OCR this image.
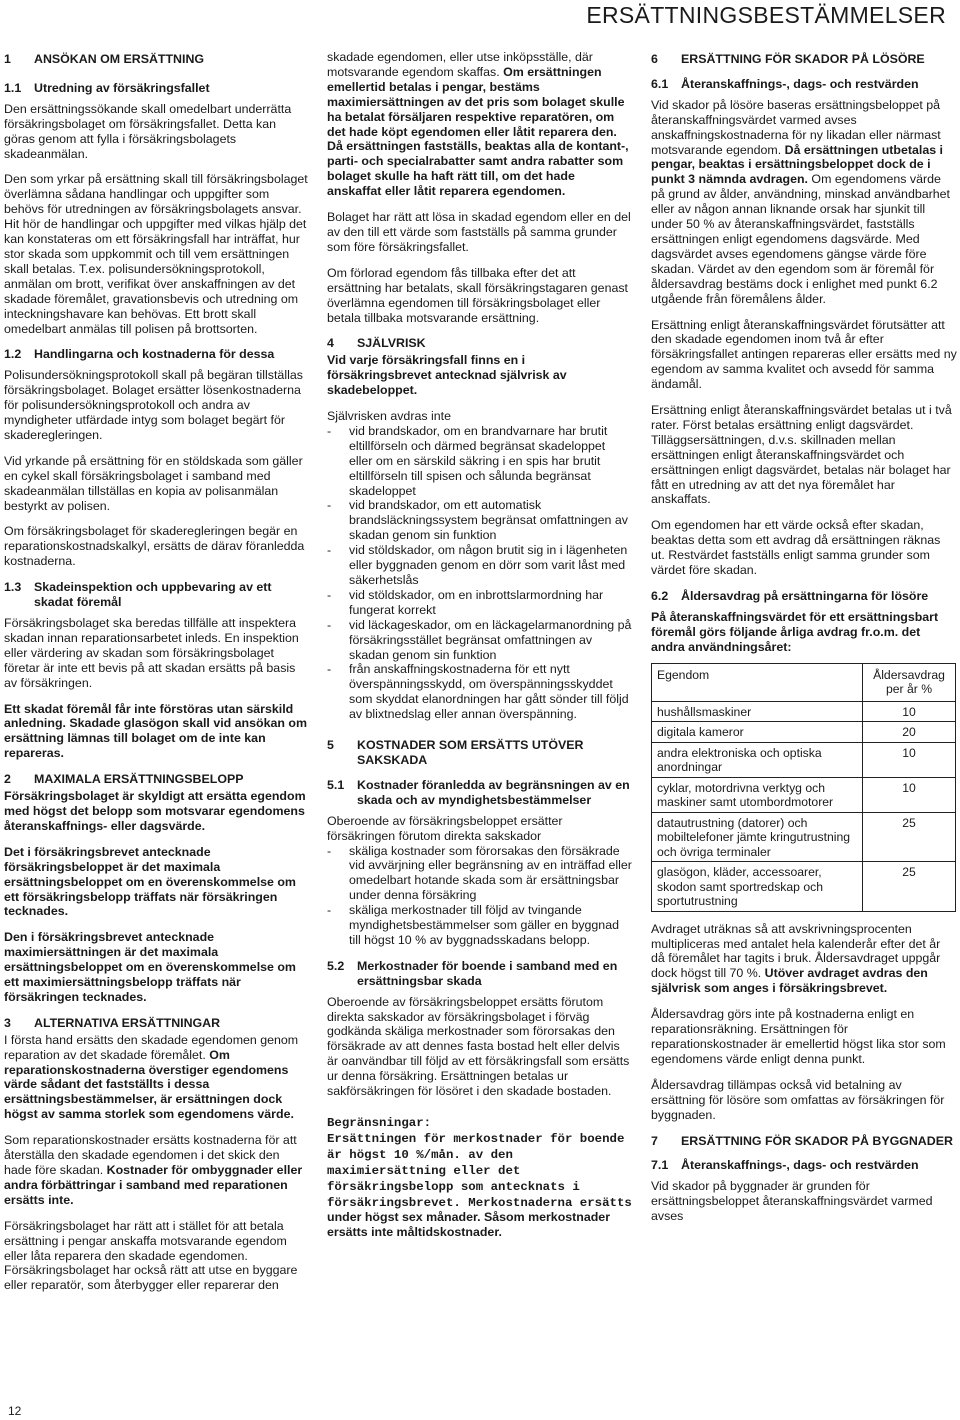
ERSÄTTNINGSBESTÄMMELSER
1	ANSÖKAN OM ERSÄTTNING
1.1	Utredning av försäkringsfallet

Den ersättningssökande skall omedelbart underrätta försäkringsbolaget om försäkringsfallet. Detta kan göras genom att fylla i försäkringsbolagets skadeanmälan.

Den som yrkar på ersättning skall till försäkringsbolaget överlämna sådana handlingar och uppgifter som behövs för utredningen av försäkringsbolagets ansvar. Hit hör de handlingar och uppgifter med vilkas hjälp det kan konstateras om ett försäkringsfall har inträffat, hur stor skada som uppkommit och till vem ersättningen skall betalas. T.ex. polisundersökningsprotokoll, anmälan om brott, verifikat över anskaffningen av det skadade föremålet, gravationsbevis och utredning om inteckningshavare kan behövas. Ett brott skall omedelbart anmälas till polisen på brottsorten.

1.2	Handlingarna och kostnaderna för dessa

Polisundersökningsprotokoll skall på begäran tillställas försäkringsbolaget. Bolaget ersätter lösenkostnaderna för polisundersökningsprotokoll och andra av myndigheter utfärdade intyg som bolaget begärt för skaderegleringen.

Vid yrkande på ersättning för en stöldskada som gäller en cykel skall försäkringsbolaget i samband med skadeanmälan tillställas en kopia av polisanmälan bestyrkt av polisen.

Om försäkringsbolaget för skaderegleringen begär en reparationskostnadskalkyl, ersätts de därav föranledda kostnaderna.

1.3	Skadeinspektion och uppbevaring av ett skadat föremål

Försäkringsbolaget ska beredas tillfälle att inspektera skadan innan reparationsarbetet inleds. En inspektion eller värdering av skadan som försäkringsbolaget företar är inte ett bevis på att skadan ersätts på basis av försäkringen.

Ett skadat föremål får inte förstöras utan särskild anledning. Skadade glasögon skall vid ansökan om ersättning lämnas till bolaget om de inte kan repareras.

2	MAXIMALA ERSÄTTNINGSBELOPP

Försäkringsbolaget är skyldigt att ersätta egendom med högst det belopp som motsvarar egendomens återanskaffnings- eller dagsvärde.

Det i försäkringsbrevet antecknade försäkringsbeloppet är det maximala ersättningsbeloppet om en överenskommelse om ett försäkringsbelopp träffats när försäkringen tecknades.

Den i försäkringsbrevet antecknade maximiersättningen är det maximala ersättningsbeloppet om en överenskommelse om ett maximiersättningsbelopp träffats när försäkringen tecknades.

3	ALTERNATIVA ERSÄTTNINGAR

I första hand ersätts den skadade egendomen genom reparation av det skadade föremålet. Om reparationskostnaderna överstiger egendomens värde sådant det fastställts i dessa ersättningsbestämmelser, är ersättningen dock högst av samma storlek som egendomens värde.

Som reparationskostnader ersätts kostnaderna för att återställa den skadade egendomen i det skick den hade före skadan. Kostnader för ombyggnader eller andra förbättringar i samband med reparationen ersätts inte.

Försäkringsbolaget har rätt att i stället för att betala ersättning i pengar anskaffa motsvarande egendom eller låta reparera den skadade egendomen. Försäkringsbolaget har också rätt att utse en byggare eller reparatör, som återbygger eller reparerar den

skadade egendomen, eller utse inköpsställe, där motsvarande egendom skaffas. Om ersättningen emellertid betalas i pengar, bestäms maximiersättningen av det pris som bolaget skulle ha betalat försäljaren respektive reparatören, om det hade köpt egendomen eller låtit reparera den. Då ersättningen fastställs, beaktas alla de kontant-, parti- och specialrabatter samt andra rabatter som bolaget skulle ha haft rätt till, om det hade anskaffat eller låtit reparera egendomen.

Bolaget har rätt att lösa in skadad egendom eller en del av den till ett värde som fastställs på samma grunder som före försäkringsfallet.

Om förlorad egendom fås tillbaka efter det att ersättning har betalats, skall försäkringstagaren genast överlämna egendomen till försäkringsbolaget eller betala tillbaka motsvarande ersättning.

4	SJÄLVRISK

Vid varje försäkringsfall finns en i försäkringsbrevet antecknad självrisk av skadebeloppet.

Självrisken avdras inte

-	vid brandskador, om en brandvarnare har brutit eltillförseln och därmed begränsat skadeloppet eller om en särskild säkring i en spis har brutit eltillförseln till spisen och sålunda begränsat skadeloppet
-	vid brandskador, om ett automatisk brandsläckningssystem begränsat omfattningen av skadan genom sin funktion
-	vid stöldskador, om någon brutit sig in i lägenheten eller byggnaden genom en dörr som varit låst med säkerhetslås
-	vid stöldskador, om en inbrottslarmordning har fungerat korrekt
-	vid läckageskador, om en läckagelarmanordning på försäkringsstället begränsat omfattningen av skadan genom sin funktion
-	från anskaffningskostnaderna för ett nytt överspänningsskydd, om överspänningsskyddet som skyddat elanordningen har gått sönder till följd av blixtnedslag eller annan överspänning.
5	KOSTNADER SOM ERSÄTTS UTÖVER SAKSKADA
5.1	Kostnader föranledda av begränsningen av en skada och av myndighetsbestämmelser

Oberoende av försäkringsbeloppet ersätter försäkringen förutom direkta sakskador

-	skäliga kostnader som förorsakas den försäkrade vid avvärjning eller begränsning av en inträffad eller omedelbart hotande skada som är ersättningsbar under denna försäkring
-	skäliga merkostnader till följd av tvingande myndighetsbestämmelser som gäller en byggnad till högst 10 % av byggnadsskadans belopp.
5.2	Merkostnader för boende i samband med en ersättningsbar skada

Oberoende av försäkringsbeloppet ersätts förutom direkta sakskador av försäkringsbolaget i förväg godkända skäliga merkostnader som förorsakas den försäkrade av att dennes fasta bostad helt eller delvis är oanvändbar till följd av ett försäkringsfall som ersätts ur denna försäkring. Ersättningen betalas ur sakförsäkringen för lösöret i den skadade bostaden.

Begränsningar:
Ersättningen för merkostnader för boende är högst 10 %/mån. av den maximiersättning eller det försäkringsbelopp som antecknats i försäkringsbrevet. Merkostnaderna ersätts under högst sex månader. Såsom merkostnader ersätts inte måltidskostnader.

6	ERSÄTTNING FÖR SKADOR PÅ LÖSÖRE
6.1	Återanskaffnings-, dags- och restvärden

Vid skador på lösöre baseras ersättningsbeloppet på återanskaffningsvärdet varmed avses anskaffningskostnaderna för ny likadan eller närmast motsvarande egendom. Då ersättningen utbetalas i pengar, beaktas i ersättningsbeloppet dock de i punkt 3 nämnda avdragen. Om egendomens värde på grund av ålder, användning, minskad användbarhet eller av någon annan liknande orsak har sjunkit till under 50 % av återanskaffningsvärdet, fastställs ersättningen enligt egendomens dagsvärde. Med dagsvärdet avses egendomens gängse värde före skadan. Värdet av den egendom som är föremål för åldersavdrag bestäms dock i enlighet med punkt 6.2 utgående från föremålens ålder.

Ersättning enligt återanskaffningsvärdet förutsätter att den skadade egendomen inom två år efter försäkringsfallet antingen repareras eller ersätts med ny egendom av samma kvalitet och avsedd för samma ändamål.

Ersättning enligt återanskaffningsvärdet betalas ut i två rater. Först betalas ersättning enligt dagsvärdet. Tilläggsersättningen, d.v.s. skillnaden mellan ersättningen enligt återanskaffningsvärdet och ersättningen enligt dagsvärdet, betalas när bolaget har fått en utredning av att det nya föremålet har anskaffats.

Om egendomen har ett värde också efter skadan, beaktas detta som ett avdrag då ersättningen räknas ut. Restvärdet fastställs enligt samma grunder som värdet före skadan.

6.2	Åldersavdrag på ersättningarna för lösöre

På återanskaffningsvärdet för ett ersättningsbart föremål görs följande årliga avdrag fr.o.m. det andra användningsåret:

Egendom	Åldersavdrag per år %
hushållsmaskiner	10
digitala kameror	20
andra elektroniska och optiska anordningar	10
cyklar, motordrivna verktyg och maskiner samt utombordmotorer	10
datautrustning (datorer) och mobiltelefoner jämte kringutrustning och övriga terminaler	25
glasögon, kläder, accessoarer, skodon samt sportredskap och sportutrustning	25

Avdraget uträknas så att avskrivningsprocenten multipliceras med antalet hela kalenderår efter det år då föremålet har tagits i bruk. Åldersavdraget uppgår dock högst till 70 %. Utöver avdraget avdras den självrisk som anges i försäkringsbrevet.

Åldersavdrag görs inte på kostnaderna enligt en reparationsräkning. Ersättningen för reparationskostnader är emellertid högst lika stor som egendomens värde enligt denna punkt.

Åldersavdrag tillämpas också vid betalning av ersättning för lösöre som omfattas av försäkringen för byggnaden.

7	ERSÄTTNING FÖR SKADOR PÅ BYGGNADER
7.1	Återanskaffnings-, dags- och restvärden

Vid skador på byggnader är grunden för ersättningsbeloppet återanskaffningsvärdet varmed avses

12
